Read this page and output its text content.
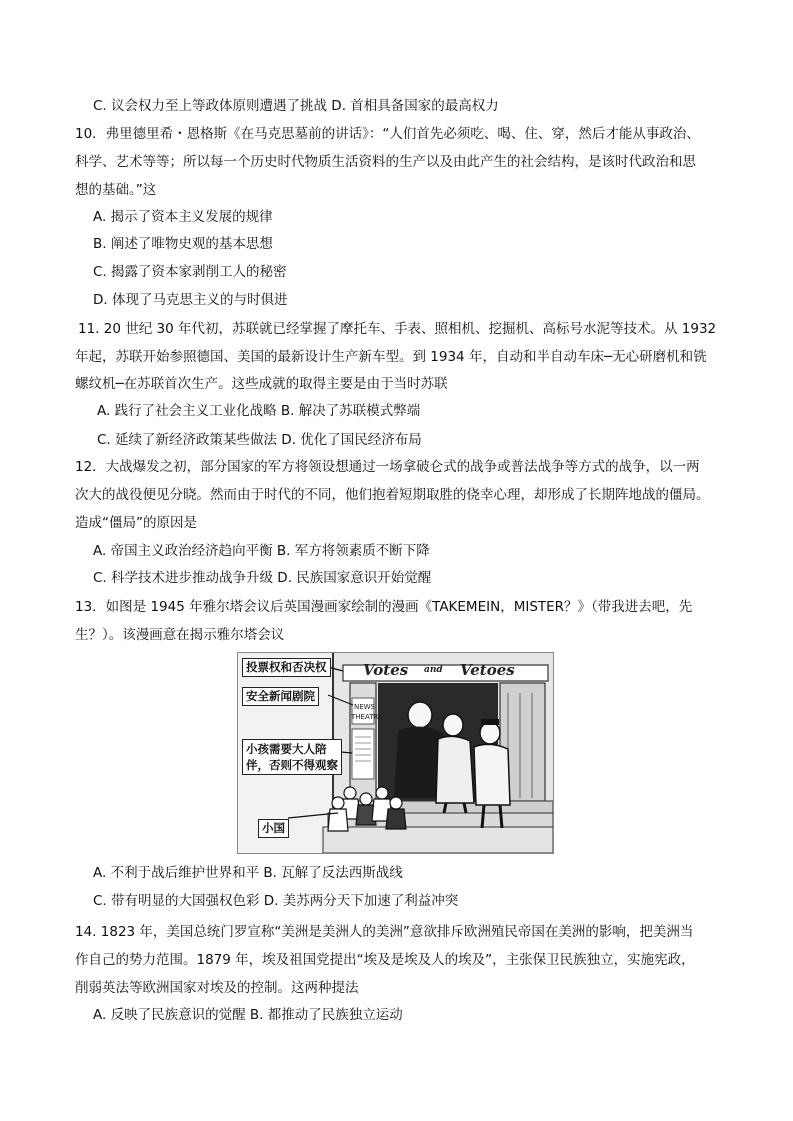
C. 议会权力至上等政体原则遭遇了挑战 D. 首相具备国家的最高权力
10．弗里德里希・恩格斯《在马克思墓前的讲话》：“人们首先必须吃、喝、住、穿，然后才能从事政治、
科学、艺术等等；所以每一个历史时代物质生活资料的生产以及由此产生的社会结构，是该时代政治和思
想的基础。”这
A. 揭示了资本主义发展的规律
B. 阐述了唯物史观的基本思想
C. 揭露了资本家剥削工人的秘密
D. 体现了马克思主义的与时俱进
11. 20 世纪 30 年代初，苏联就已经掌握了摩托车、手表、照相机、挖掘机、高标号水泥等技术。从 1932
年起，苏联开始参照德国、美国的最新设计生产新车型。到 1934 年，自动和半自动车床─无心研磨机和铣
螺纹机─在苏联首次生产。这些成就的取得主要是由于当时苏联
A. 践行了社会主义工业化战略 B. 解决了苏联模式弊端
C. 延续了新经济政策某些做法 D. 优化了国民经济布局
12．大战爆发之初，部分国家的军方将领设想通过一场拿破仑式的战争或普法战争等方式的战争，以一两
次大的战役便见分晓。然而由于时代的不同，他们抱着短期取胜的侥幸心理，却形成了长期阵地战的僵局。
造成“僵局”的原因是
A. 帝国主义政治经济趋向平衡 B. 军方将领素质不断下降
C. 科学技术进步推动战争升级 D. 民族国家意识开始觉醒
13．如图是 1945 年雅尔塔会议后英国漫画家绘制的漫画《TAKEMEIN，MISTER？》（带我进去吧，先
生？）。该漫画意在揭示雅尔塔会议
投票权和否决权
安全新闻剧院
小孩需要大人陪
伴，否则不得观察
小国
Votes and Vetoes
NEWS
THEATRE
A. 不利于战后维护世界和平 B. 瓦解了反法西斯战线
C. 带有明显的大国强权色彩 D. 美苏两分天下加速了利益冲突
14. 1823 年，美国总统门罗宣称“美洲是美洲人的美洲”意欲排斥欧洲殖民帝国在美洲的影响，把美洲当
作自己的势力范围。1879 年，埃及祖国党提出“埃及是埃及人的埃及”，主张保卫民族独立，实施宪政，
削弱英法等欧洲国家对埃及的控制。这两种提法
A. 反映了民族意识的觉醒 B. 都推动了民族独立运动
